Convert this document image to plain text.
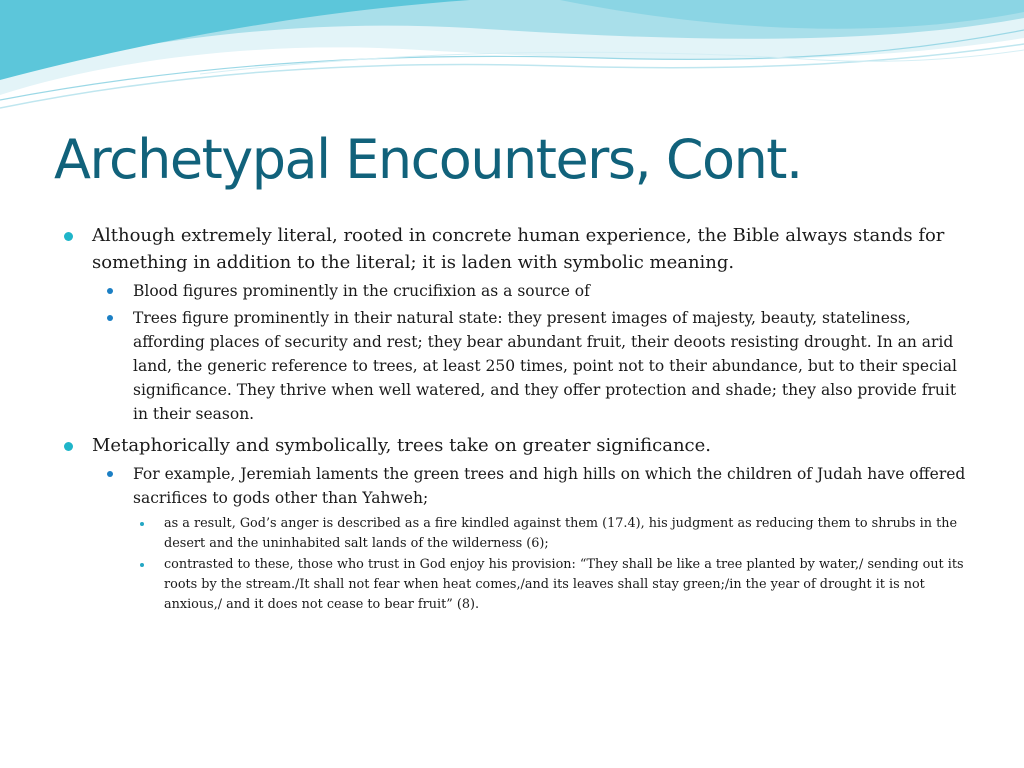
Archetypal Encounters, Cont.
Although extremely literal, rooted in concrete human experience, the Bible always stands for something in addition to the literal; it is laden with symbolic meaning.
Blood figures prominently in the crucifixion as a source of
Trees figure prominently in their natural state: they present images of majesty, beauty, stateliness, affording places of security and rest; they bear abundant fruit, their deoots resisting drought. In an arid land, the generic reference to trees, at least 250 times, point not to their abundance, but to their special significance. They thrive when well watered, and they offer protection and shade; they also provide fruit in their season.
Metaphorically and symbolically, trees take on greater significance.
For example, Jeremiah laments the green trees and high hills on which the children of Judah have offered sacrifices to gods other than Yahweh;
as a result, God’s anger is described as a fire kindled against them (17.4), his judgment as reducing them to shrubs in the desert and the uninhabited salt lands of the wilderness (6);
contrasted to these, those who trust in God enjoy his provision: “They shall be like a tree planted by water,/ sending out its roots by the stream./It shall not fear when heat comes,/and its leaves shall stay green;/in the year of drought it is not anxious,/ and it does not cease to bear fruit” (8).
